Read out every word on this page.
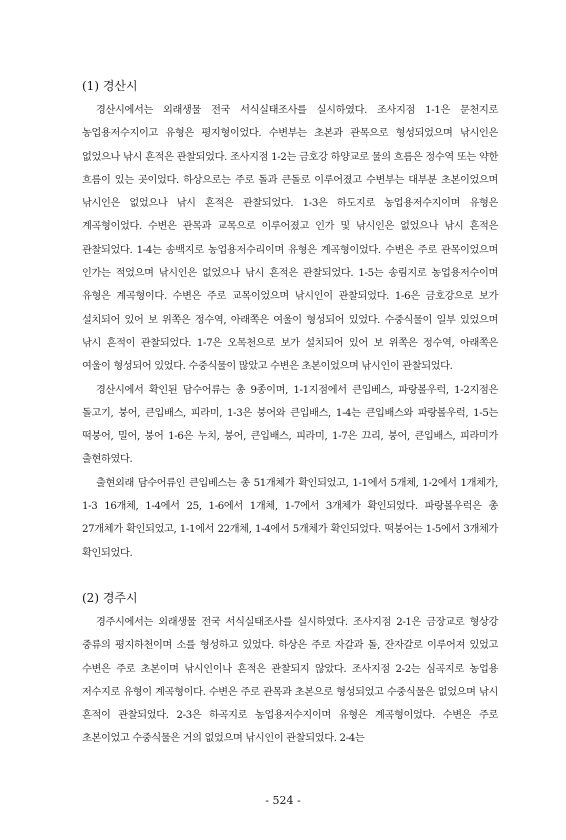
(1) 경산시

경산시에서는 외래생물 전국 서식실태조사를 실시하였다. 조사지점 1-1은 문천지로 농업용저수지이고 유형은 평지형이었다. 수변부는 초본과 관목으로 형성되었으며 낚시인은 없었으나 낚시 흔적은 관찰되었다. 조사지점 1-2는 금호강 하양교로 물의 흐름은 정수역 또는 약한 흐름이 있는 곳이었다. 하상으로는 주로 돌과 큰돌로 이루어졌고 수변부는 대부분 초본이었으며 낚시인은 없었으나 낚시 흔적은 관찰되었다. 1-3은 하도지로 농업용저수지이며 유형은 계곡형이었다. 수변은 관목과 교목으로 이루어졌고 인가 및 낚시인은 없었으나 낚시 흔적은 관찰되었다. 1-4는 송백지로 농업용저수리이며 유형은 계곡형이었다. 수변은 주로 관목이었으며 인가는 적었으며 낚시인은 없었으나 낚시 흔적은 관찰되었다. 1-5는 송림지로 농업용저수이며 유형은 계곡형이다. 수변은 주로 교목이었으며 낚시인이 관찰되었다. 1-6은 금호강으로 보가 설치되어 있어 보 위쪽은 정수역, 아래쪽은 여울이 형성되어 있었다. 수중식물이 일부 있었으며 낚시 흔적이 관찰되었다. 1-7은 오목천으로 보가 설치되어 있어 보 위쪽은 정수역, 아래쪽은 여울이 형성되어 있었다. 수중식물이 많았고 수변은 초본이었으며 낚시인이 관찰되었다.

경산시에서 확인된 담수어류는 총 9종이며, 1-1지점에서 큰입베스, 파랑볼우럭, 1-2지점은 돌고기, 붕어, 큰입배스, 피라미, 1-3은 붕어와 큰입배스, 1-4는 큰입배스와 파랑볼우럭, 1-5는 떡붕어, 밀어, 붕어 1-6은 누치, 붕어, 큰입배스, 피라미, 1-7은 끄리, 붕어, 큰입배스, 피라미가 출현하였다.

출현외래 담수어류인 큰입베스는 총 51개체가 확인되었고, 1-1에서 5개체, 1-2에서 1개체가, 1-3 16개체, 1-4에서 25, 1-6에서 1개체, 1-7에서 3개체가 확인되었다. 파랑볼우럭은 총 27개체가 확인되었고, 1-1에서 22개체, 1-4에서 5개체가 확인되었다. 떡붕어는 1-5에서 3개체가 확인되었다.

(2) 경주시

경주시에서는 외래생물 전국 서식실태조사를 실시하였다. 조사지점 2-1은 금장교로 형상강 중류의 평지하천이며 소를 형성하고 있었다. 하상은 주로 자갈과 돌, 잔자갈로 이루어져 있었고 수변은 주로 초본이며 낚시인이나 흔적은 관찰되지 않았다. 조사지점 2-2는 심곡지로 농업용 저수지로 유형이 계곡형이다. 수변은 주로 관목과 초본으로 형성되었고 수중식물은 없었으며 낚시 흔적이 관찰되었다. 2-3은 하곡지로 농업용저수지이며 유형은 계곡형이었다. 수변은 주로 초본이었고 수중식물은 거의 없었으며 낚시인이 관찰되었다. 2-4는

- 524 -
